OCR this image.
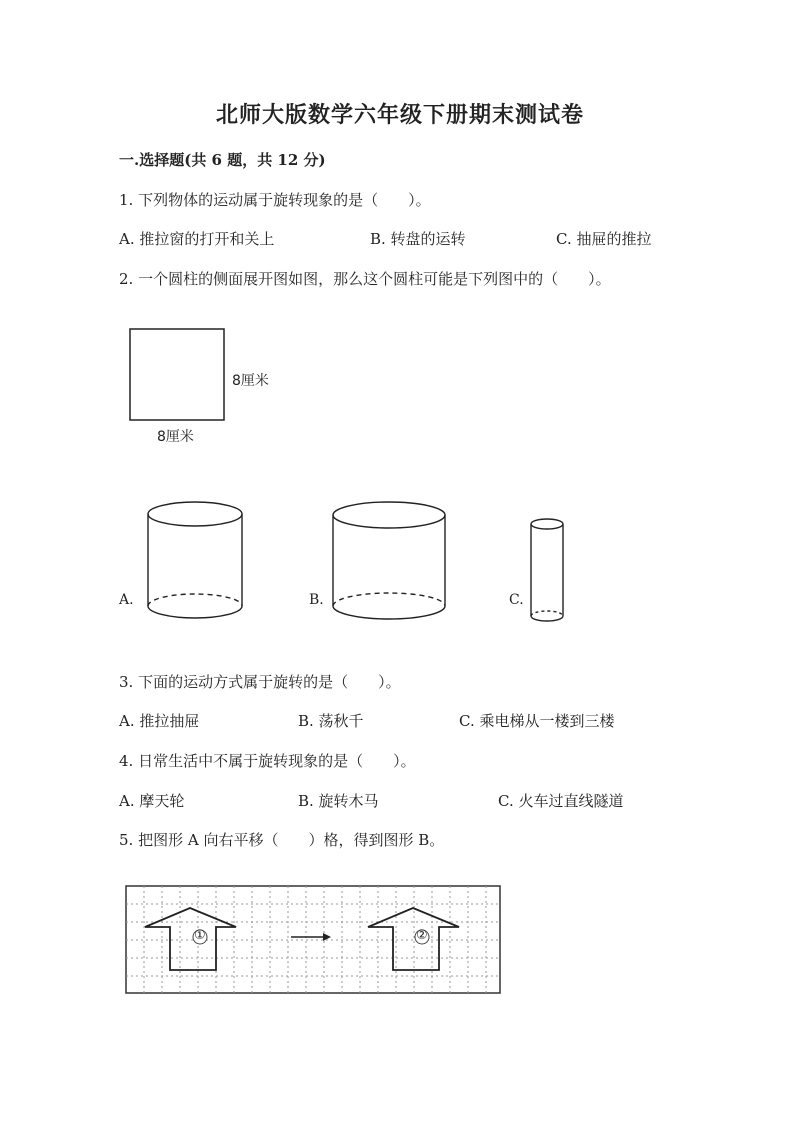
北师大版数学六年级下册期末测试卷
一.选择题(共 6 题，共 12 分)
1. 下列物体的运动属于旋转现象的是（　　）。
A. 推拉窗的打开和关上	B. 转盘的运转	C. 抽屉的推拉
2. 一个圆柱的侧面展开图如图，那么这个圆柱可能是下列图中的（　　）。
8厘米
8厘米
A.	B.	C.
3. 下面的运动方式属于旋转的是（　　）。
A. 推拉抽屉	B. 荡秋千	C. 乘电梯从一楼到三楼
4. 日常生活中不属于旋转现象的是（　　）。
A. 摩天轮	B. 旋转木马	C. 火车过直线隧道
5. 把图形 A 向右平移（　　）格，得到图形 B。
①	②
